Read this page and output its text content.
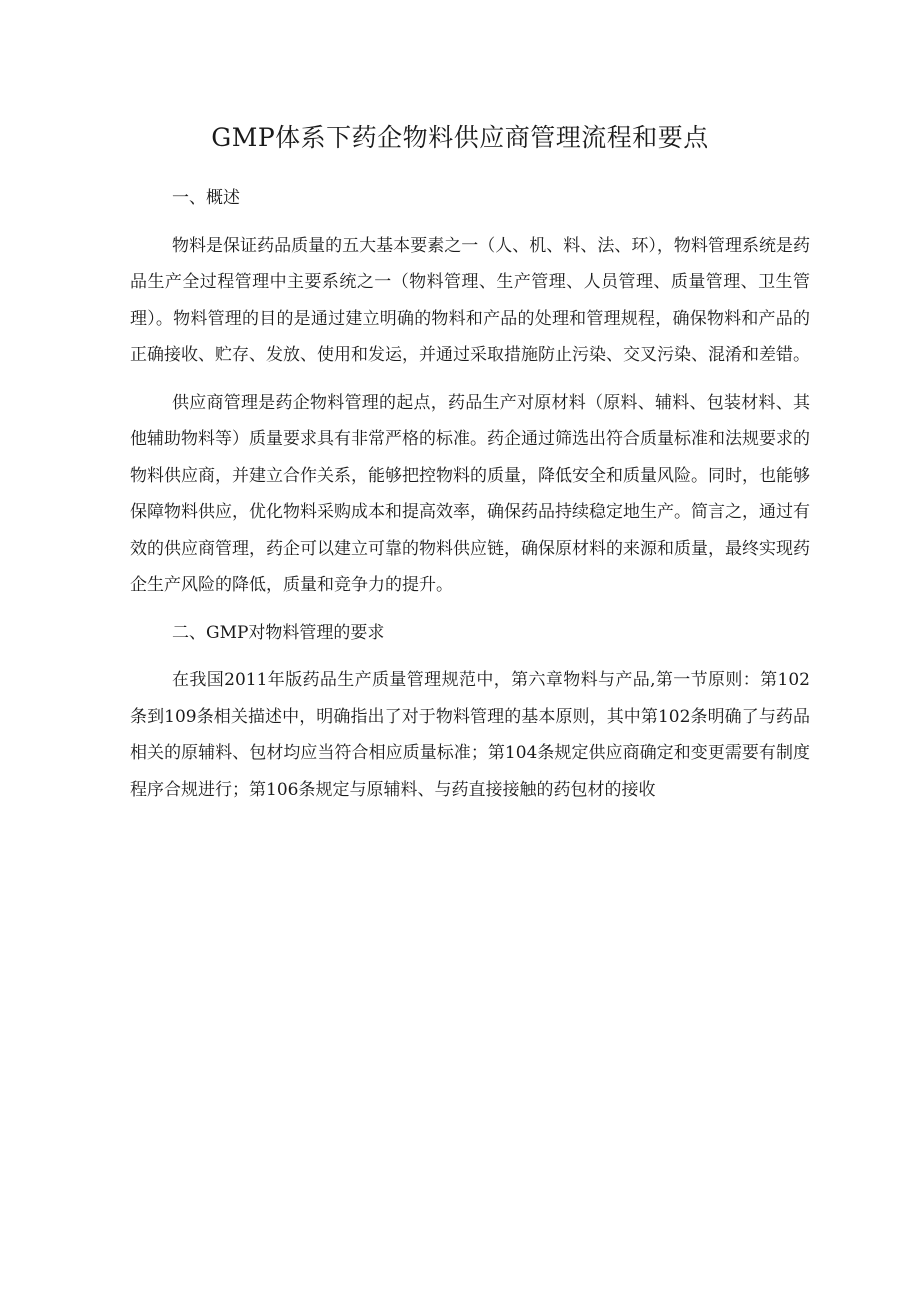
GMP体系下药企物料供应商管理流程和要点

一、概述

物料是保证药品质量的五大基本要素之一（人、机、料、法、环），物料管理系统是药品生产全过程管理中主要系统之一（物料管理、生产管理、人员管理、质量管理、卫生管理）。物料管理的目的是通过建立明确的物料和产品的处理和管理规程，确保物料和产品的正确接收、贮存、发放、使用和发运，并通过采取措施防止污染、交叉污染、混淆和差错。

供应商管理是药企物料管理的起点，药品生产对原材料（原料、辅料、包装材料、其他辅助物料等）质量要求具有非常严格的标准。药企通过筛选出符合质量标准和法规要求的物料供应商，并建立合作关系，能够把控物料的质量，降低安全和质量风险。同时，也能够保障物料供应，优化物料采购成本和提高效率，确保药品持续稳定地生产。简言之，通过有效的供应商管理，药企可以建立可靠的物料供应链，确保原材料的来源和质量，最终实现药企生产风险的降低，质量和竞争力的提升。

二、GMP对物料管理的要求

在我国2011年版药品生产质量管理规范中，第六章物料与产品,第一节原则：第102条到109条相关描述中，明确指出了对于物料管理的基本原则，其中第102条明确了与药品相关的原辅料、包材均应当符合相应质量标准；第104条规定供应商确定和变更需要有制度程序合规进行；第106条规定与原辅料、与药直接接触的药包材的接收
